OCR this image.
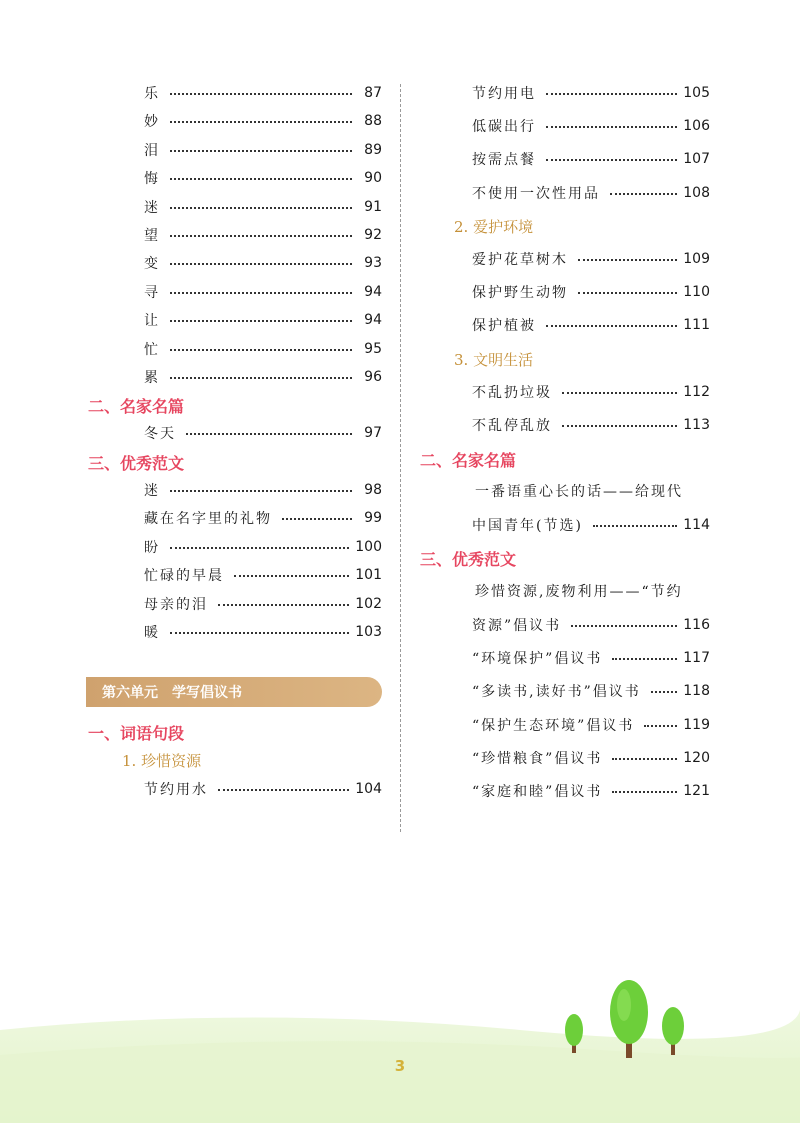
乐	87
妙	88
泪	89
悔	90
迷	91
望	92
变	93
寻	94
让	94
忙	95
累	96
二、名家名篇
冬天	97
三、优秀范文
迷	98
藏在名字里的礼物	99
盼	100
忙碌的早晨	101
母亲的泪	102
暖	103
一、词语句段
1. 珍惜资源
节约用水	104
第六单元　学写倡议书
节约用电	105
低碳出行	106
按需点餐	107
不使用一次性用品	108
2. 爱护环境
爱护花草树木	109
保护野生动物	110
保护植被	111
3. 文明生活
不乱扔垃圾	112
不乱停乱放	113
二、名家名篇
一番语重心长的话——给现代
中国青年(节选)	114
三、优秀范文
珍惜资源,废物利用——“节约
资源”倡议书	116
“环境保护”倡议书	117
“多读书,读好书”倡议书	118
“保护生态环境”倡议书	119
“珍惜粮食”倡议书	120
“家庭和睦”倡议书	121
3
